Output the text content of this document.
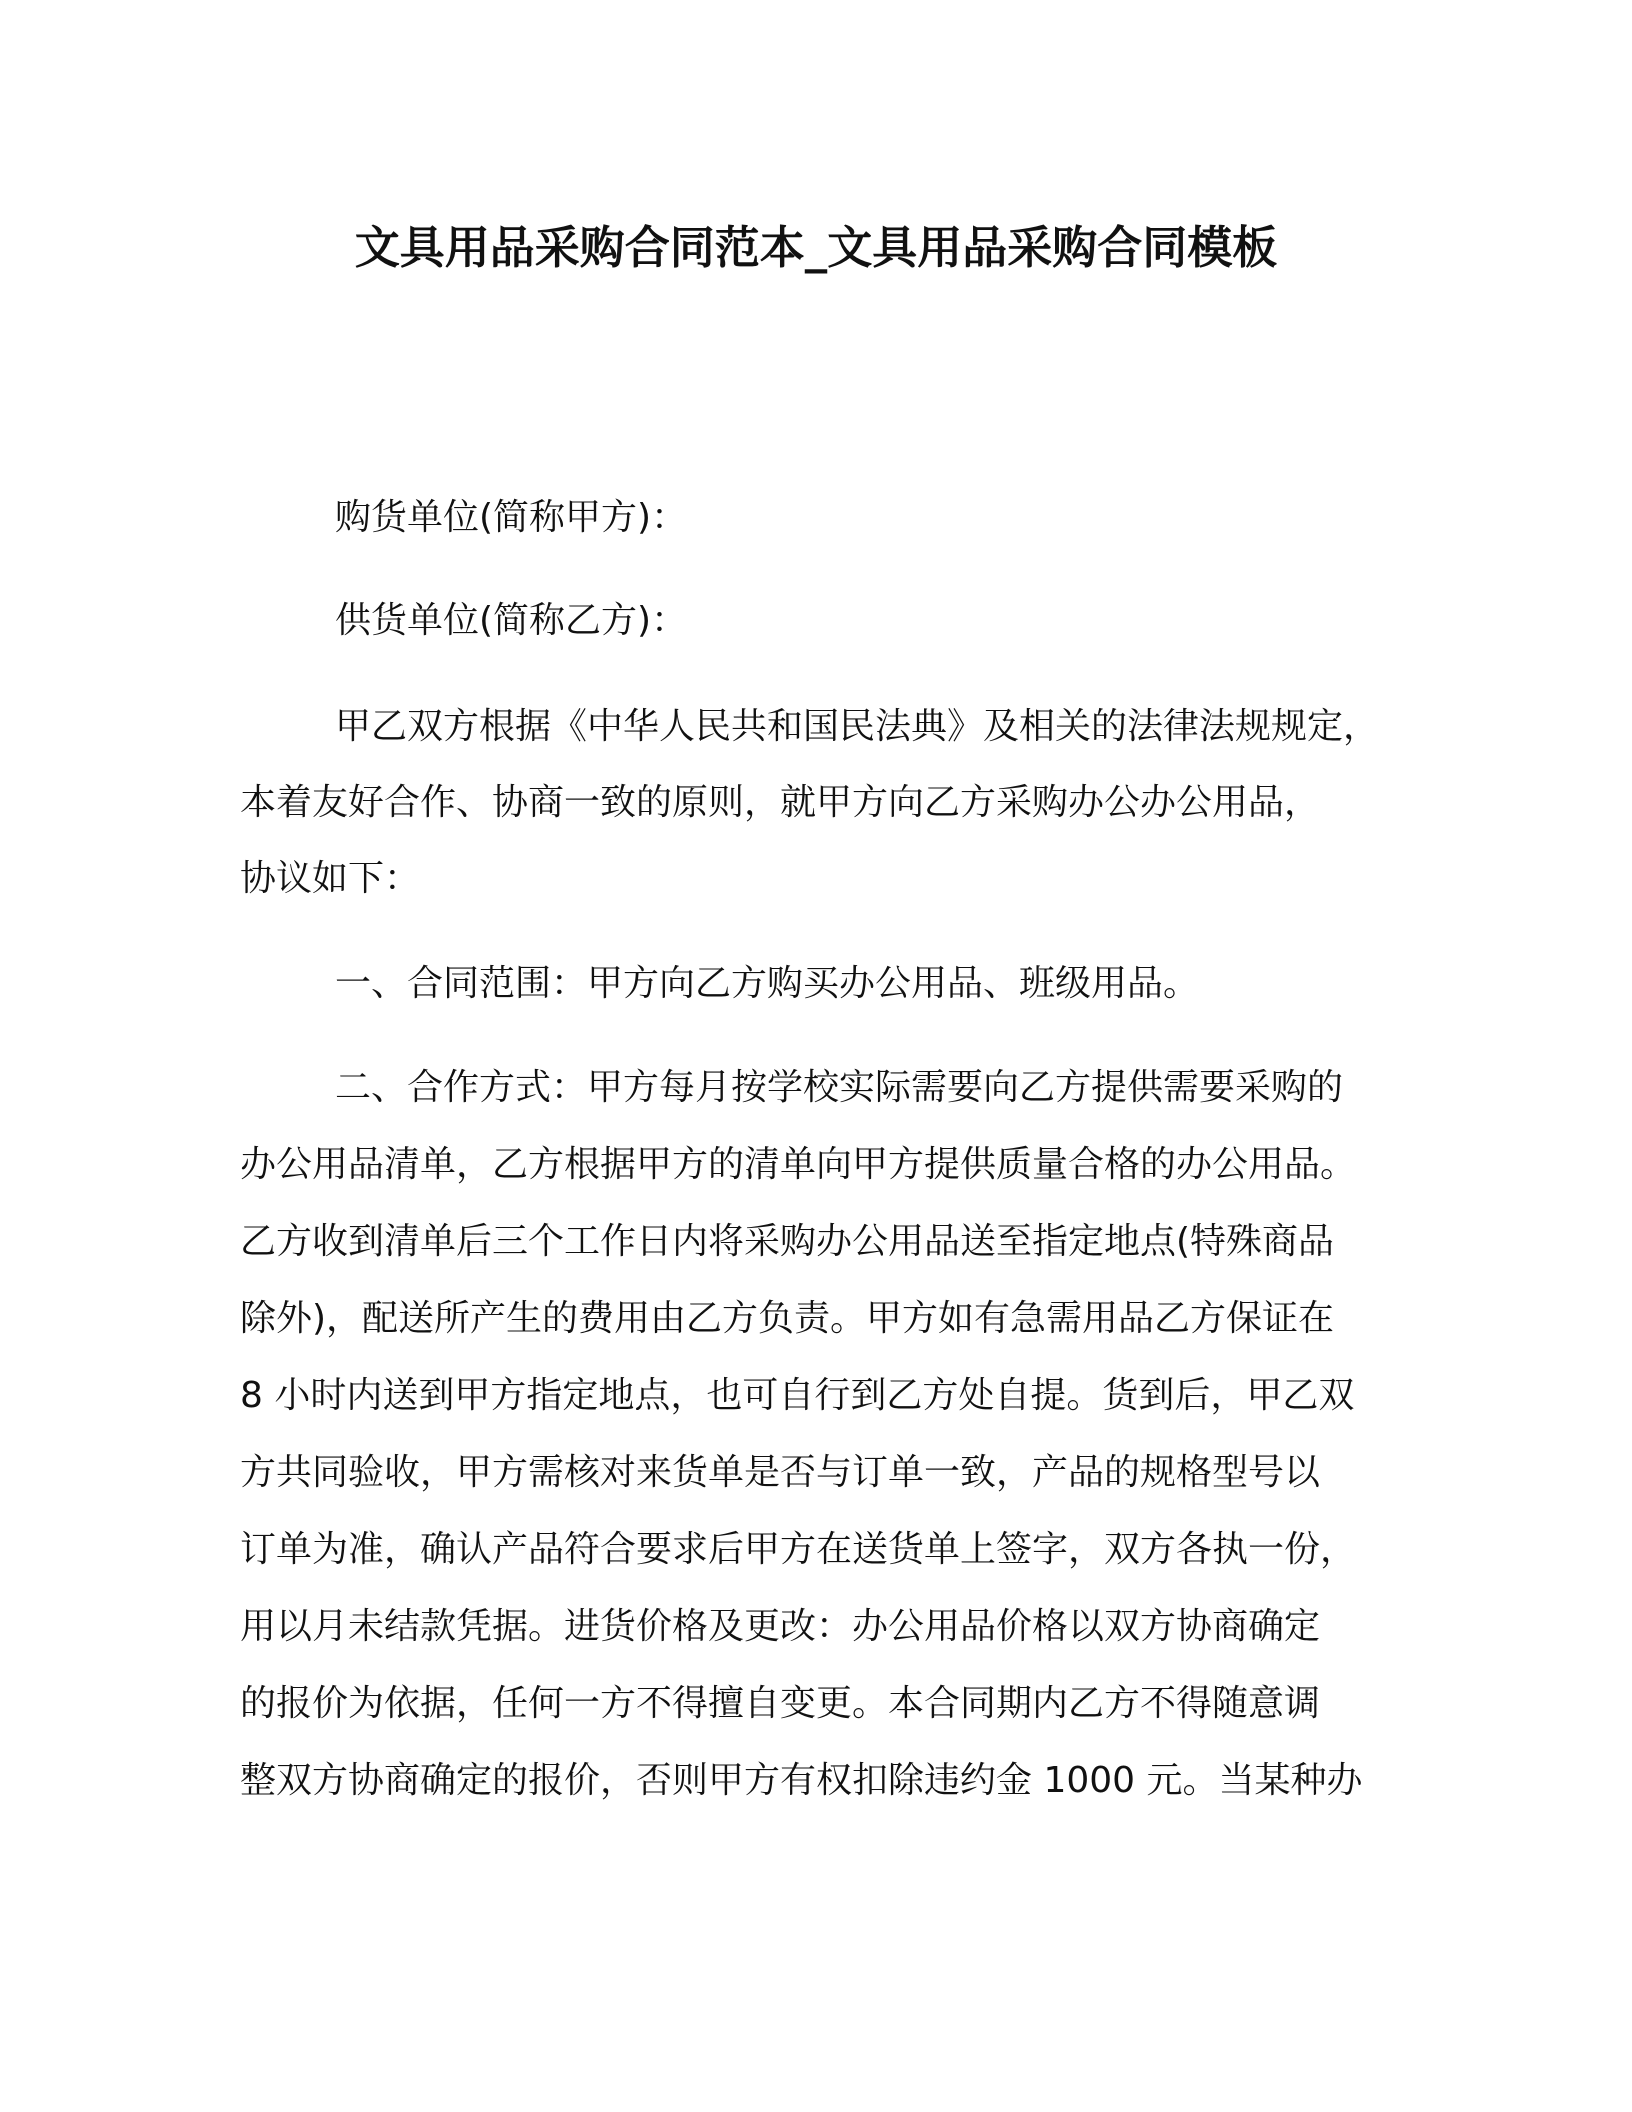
文具用品采购合同范本_文具用品采购合同模板
购货单位(简称甲方)：
供货单位(简称乙方)：
甲乙双方根据《中华人民共和国民法典》及相关的法律法规规定，
本着友好合作、协商一致的原则，就甲方向乙方采购办公办公用品，
协议如下：
一、合同范围：甲方向乙方购买办公用品、班级用品。
二、合作方式：甲方每月按学校实际需要向乙方提供需要采购的
办公用品清单，乙方根据甲方的清单向甲方提供质量合格的办公用品。
乙方收到清单后三个工作日内将采购办公用品送至指定地点(特殊商品
除外)，配送所产生的费用由乙方负责。甲方如有急需用品乙方保证在
8 小时内送到甲方指定地点，也可自行到乙方处自提。货到后，甲乙双
方共同验收，甲方需核对来货单是否与订单一致，产品的规格型号以
订单为准，确认产品符合要求后甲方在送货单上签字，双方各执一份，
用以月未结款凭据。进货价格及更改：办公用品价格以双方协商确定
的报价为依据，任何一方不得擅自变更。本合同期内乙方不得随意调
整双方协商确定的报价，否则甲方有权扣除违约金 1000 元。当某种办
